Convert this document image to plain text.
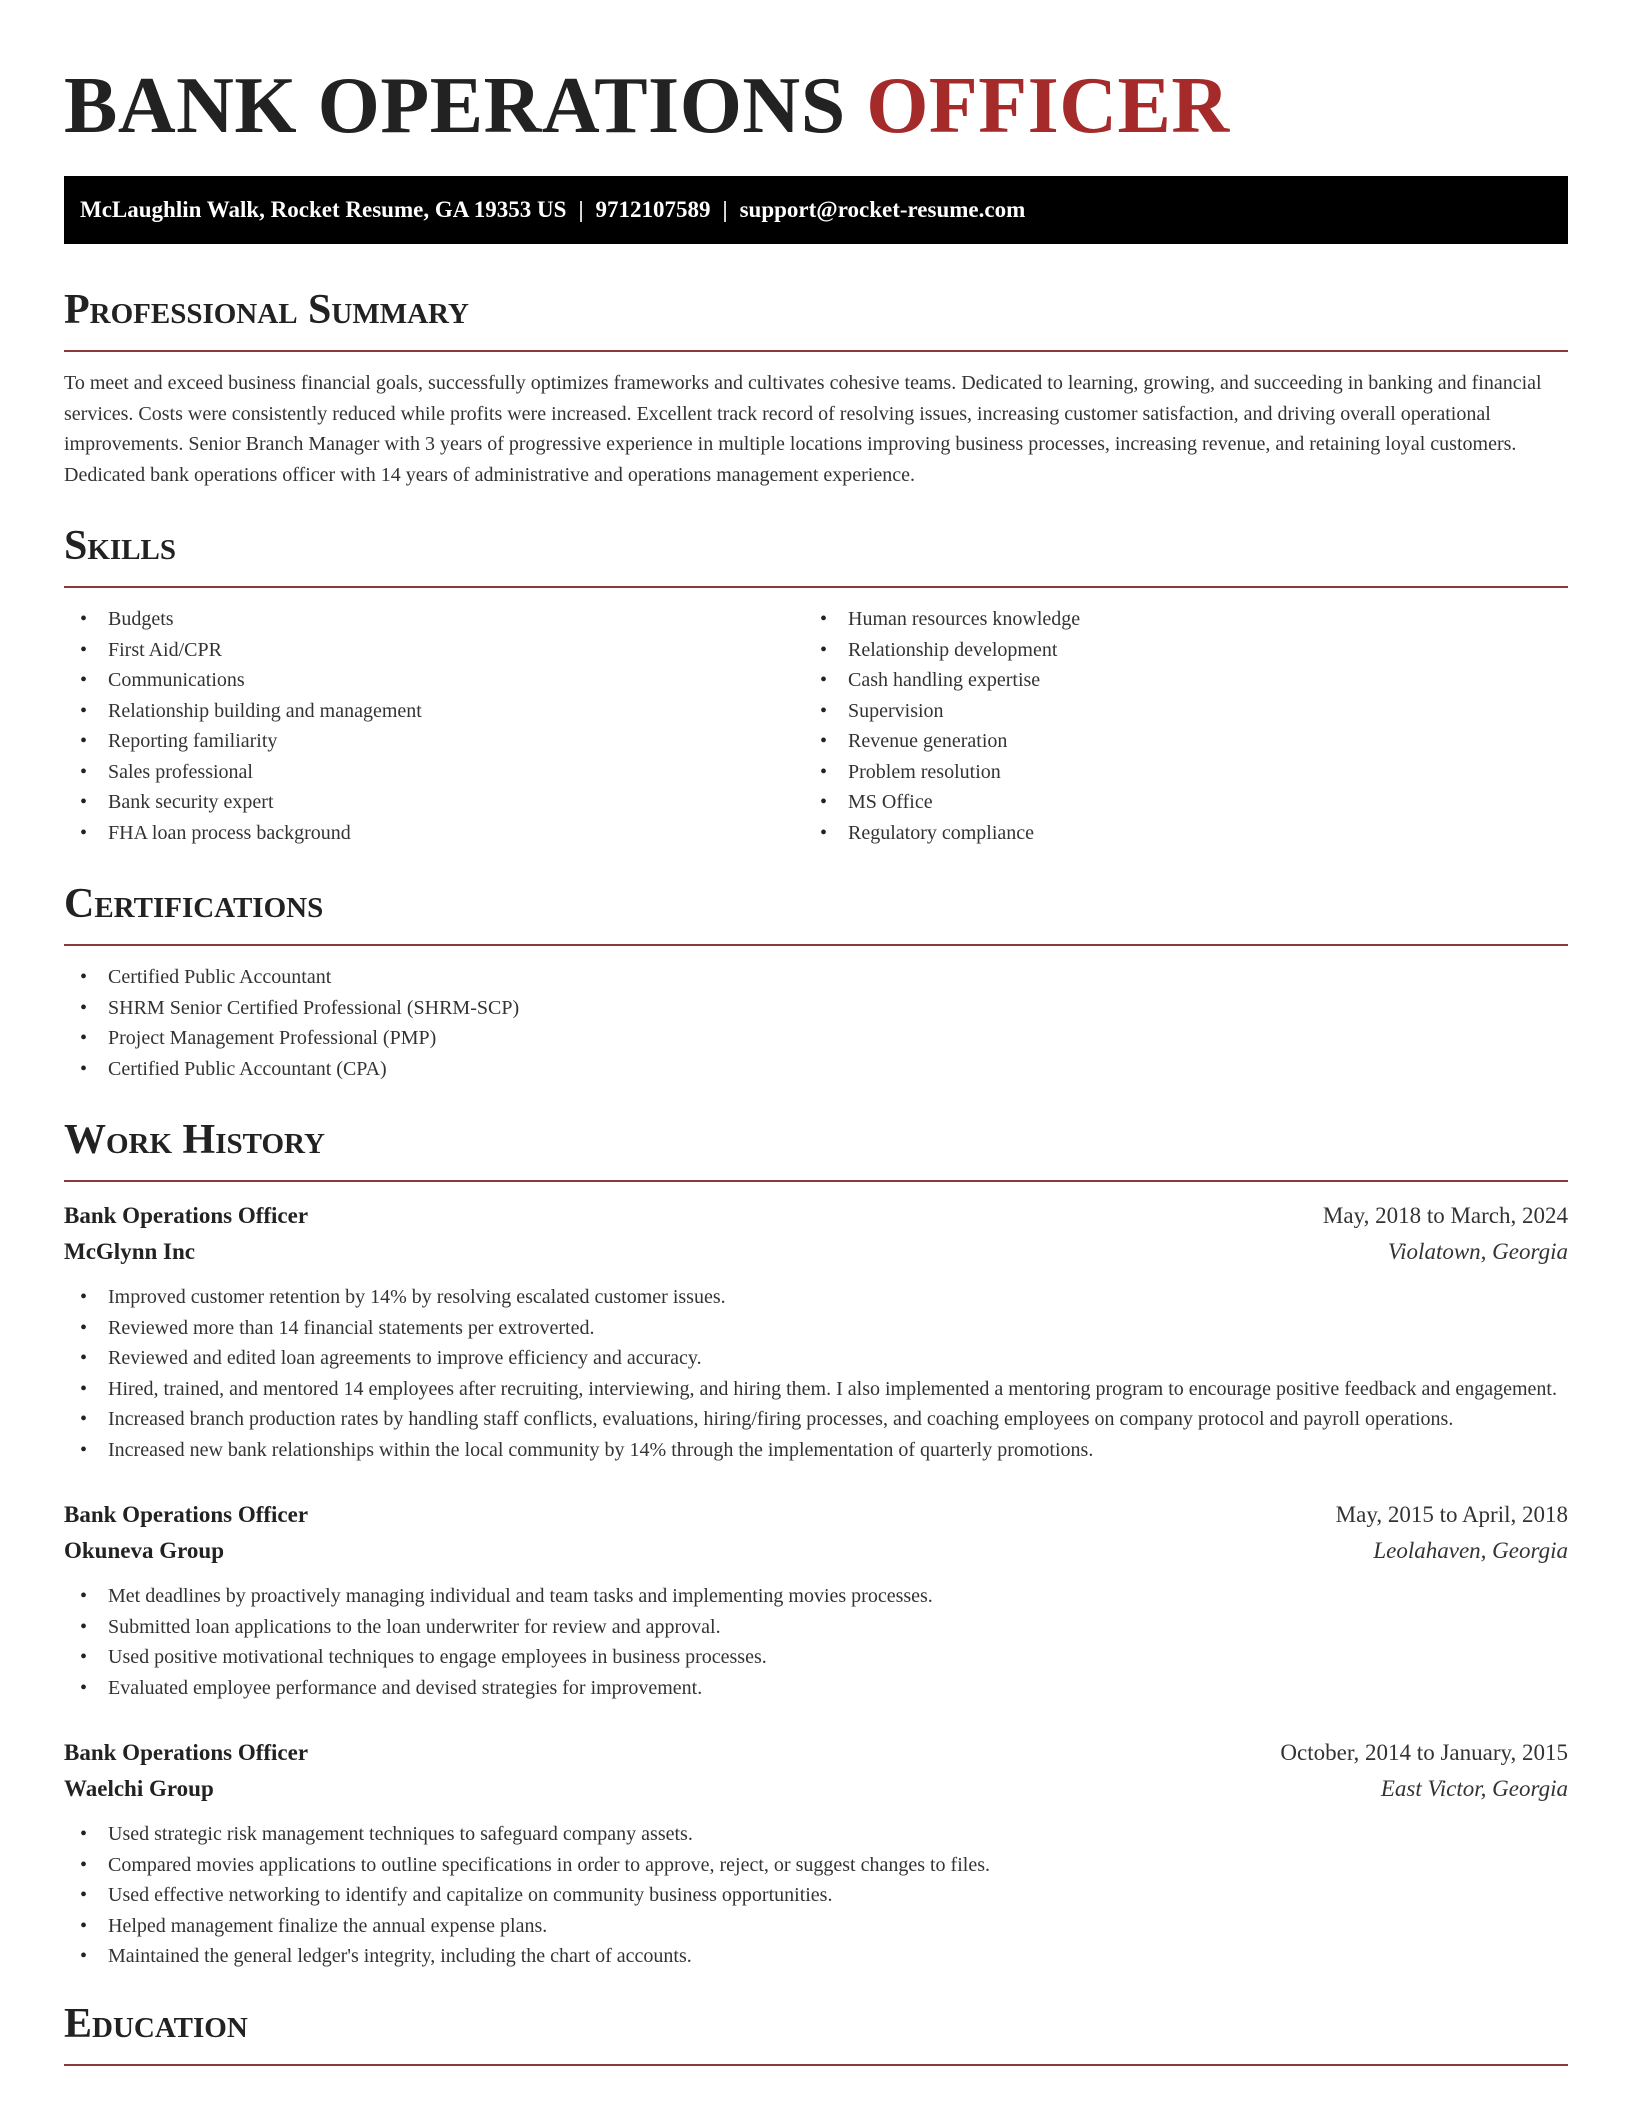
BANK OPERATIONS OFFICER
McLaughlin Walk, Rocket Resume, GA 19353 US | 9712107589 | support@rocket-resume.com
Professional Summary

To meet and exceed business financial goals, successfully optimizes frameworks and cultivates cohesive teams. Dedicated to learning, growing, and succeeding in banking and financial services. Costs were consistently reduced while profits were increased. Excellent track record of resolving issues, increasing customer satisfaction, and driving overall operational improvements. Senior Branch Manager with 3 years of progressive experience in multiple locations improving business processes, increasing revenue, and retaining loyal customers. Dedicated bank operations officer with 14 years of administrative and operations management experience.

Skills
• Budgets
• First Aid/CPR
• Communications
• Relationship building and management
• Reporting familiarity
• Sales professional
• Bank security expert
• FHA loan process background
• Human resources knowledge
• Relationship development
• Cash handling expertise
• Supervision
• Revenue generation
• Problem resolution
• MS Office
• Regulatory compliance
Certifications
• Certified Public Accountant
• SHRM Senior Certified Professional (SHRM-SCP)
• Project Management Professional (PMP)
• Certified Public Accountant (CPA)
Work History
Bank Operations Officer	May, 2018 to March, 2024
McGlynn Inc	Violatown, Georgia
• Improved customer retention by 14% by resolving escalated customer issues.
• Reviewed more than 14 financial statements per extroverted.
• Reviewed and edited loan agreements to improve efficiency and accuracy.
• Hired, trained, and mentored 14 employees after recruiting, interviewing, and hiring them. I also implemented a mentoring program to encourage positive feedback and engagement.
• Increased branch production rates by handling staff conflicts, evaluations, hiring/firing processes, and coaching employees on company protocol and payroll operations.
• Increased new bank relationships within the local community by 14% through the implementation of quarterly promotions.
Bank Operations Officer	May, 2015 to April, 2018
Okuneva Group	Leolahaven, Georgia
• Met deadlines by proactively managing individual and team tasks and implementing movies processes.
• Submitted loan applications to the loan underwriter for review and approval.
• Used positive motivational techniques to engage employees in business processes.
• Evaluated employee performance and devised strategies for improvement.
Bank Operations Officer	October, 2014 to January, 2015
Waelchi Group	East Victor, Georgia
• Used strategic risk management techniques to safeguard company assets.
• Compared movies applications to outline specifications in order to approve, reject, or suggest changes to files.
• Used effective networking to identify and capitalize on community business opportunities.
• Helped management finalize the annual expense plans.
• Maintained the general ledger's integrity, including the chart of accounts.
Education
